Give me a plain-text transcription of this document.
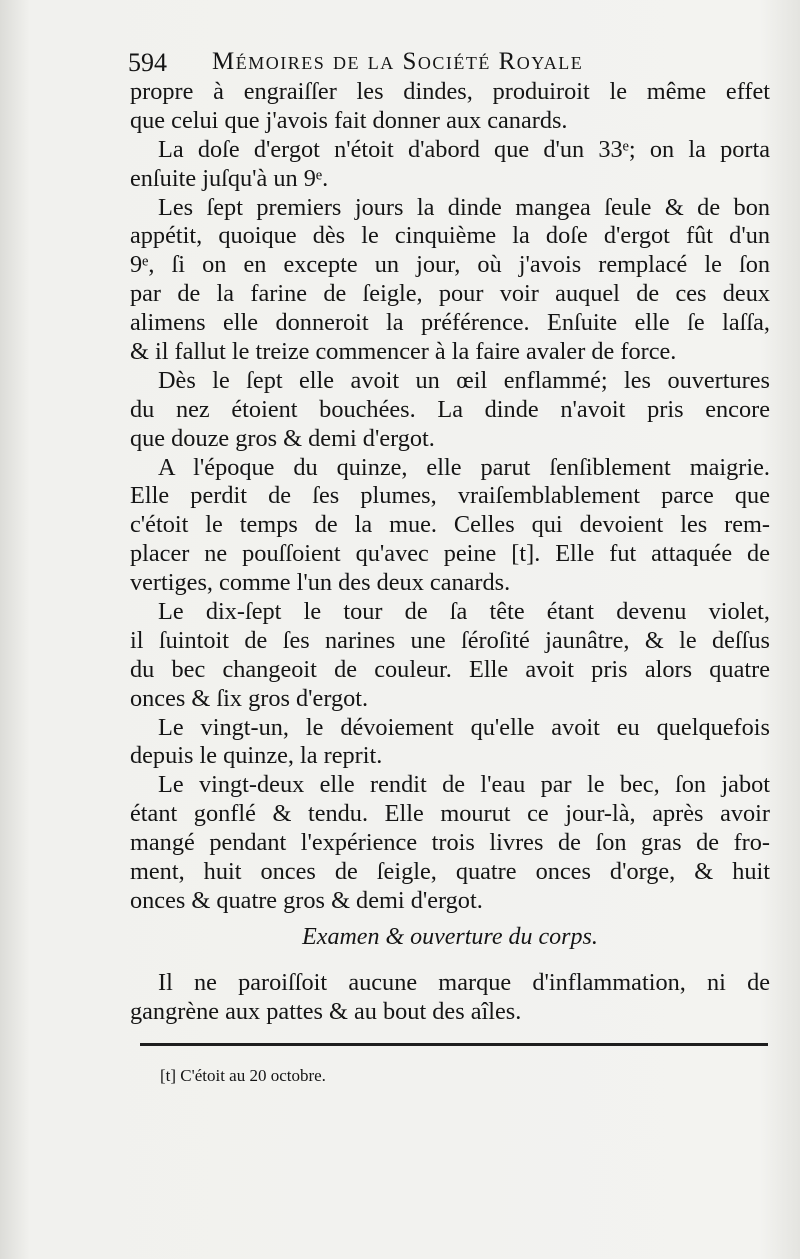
594 Mémoires de la Société Royale
propre à engraiſſer les dindes, produiroit le même effet
que celui que j'avois fait donner aux canards.
La doſe d'ergot n'étoit d'abord que d'un 33ᵉ; on la porta
enſuite juſqu'à un 9ᵉ.
Les ſept premiers jours la dinde mangea ſeule & de bon
appétit, quoique dès le cinquième la doſe d'ergot fût d'un
9ᵉ, ſi on en excepte un jour, où j'avois remplacé le ſon
par de la farine de ſeigle, pour voir auquel de ces deux
alimens elle donneroit la préférence. Enſuite elle ſe laſſa,
& il fallut le treize commencer à la faire avaler de force.
Dès le ſept elle avoit un œil enflammé; les ouvertures
du nez étoient bouchées. La dinde n'avoit pris encore
que douze gros & demi d'ergot.
A l'époque du quinze, elle parut ſenſiblement maigrie.
Elle perdit de ſes plumes, vraiſemblablement parce que
c'étoit le temps de la mue. Celles qui devoient les rem-
placer ne pouſſoient qu'avec peine [t]. Elle fut attaquée de
vertiges, comme l'un des deux canards.
Le dix-ſept le tour de ſa tête étant devenu violet,
il ſuintoit de ſes narines une ſéroſité jaunâtre, & le deſſus
du bec changeoit de couleur. Elle avoit pris alors quatre
onces & ſix gros d'ergot.
Le vingt-un, le dévoiement qu'elle avoit eu quelquefois
depuis le quinze, la reprit.
Le vingt-deux elle rendit de l'eau par le bec, ſon jabot
étant gonflé & tendu. Elle mourut ce jour-là, après avoir
mangé pendant l'expérience trois livres de ſon gras de fro-
ment, huit onces de ſeigle, quatre onces d'orge, & huit
onces & quatre gros & demi d'ergot.
Examen & ouverture du corps.
Il ne paroiſſoit aucune marque d'inflammation, ni de
gangrène aux pattes & au bout des aîles.
[t] C'étoit au 20 octobre.
